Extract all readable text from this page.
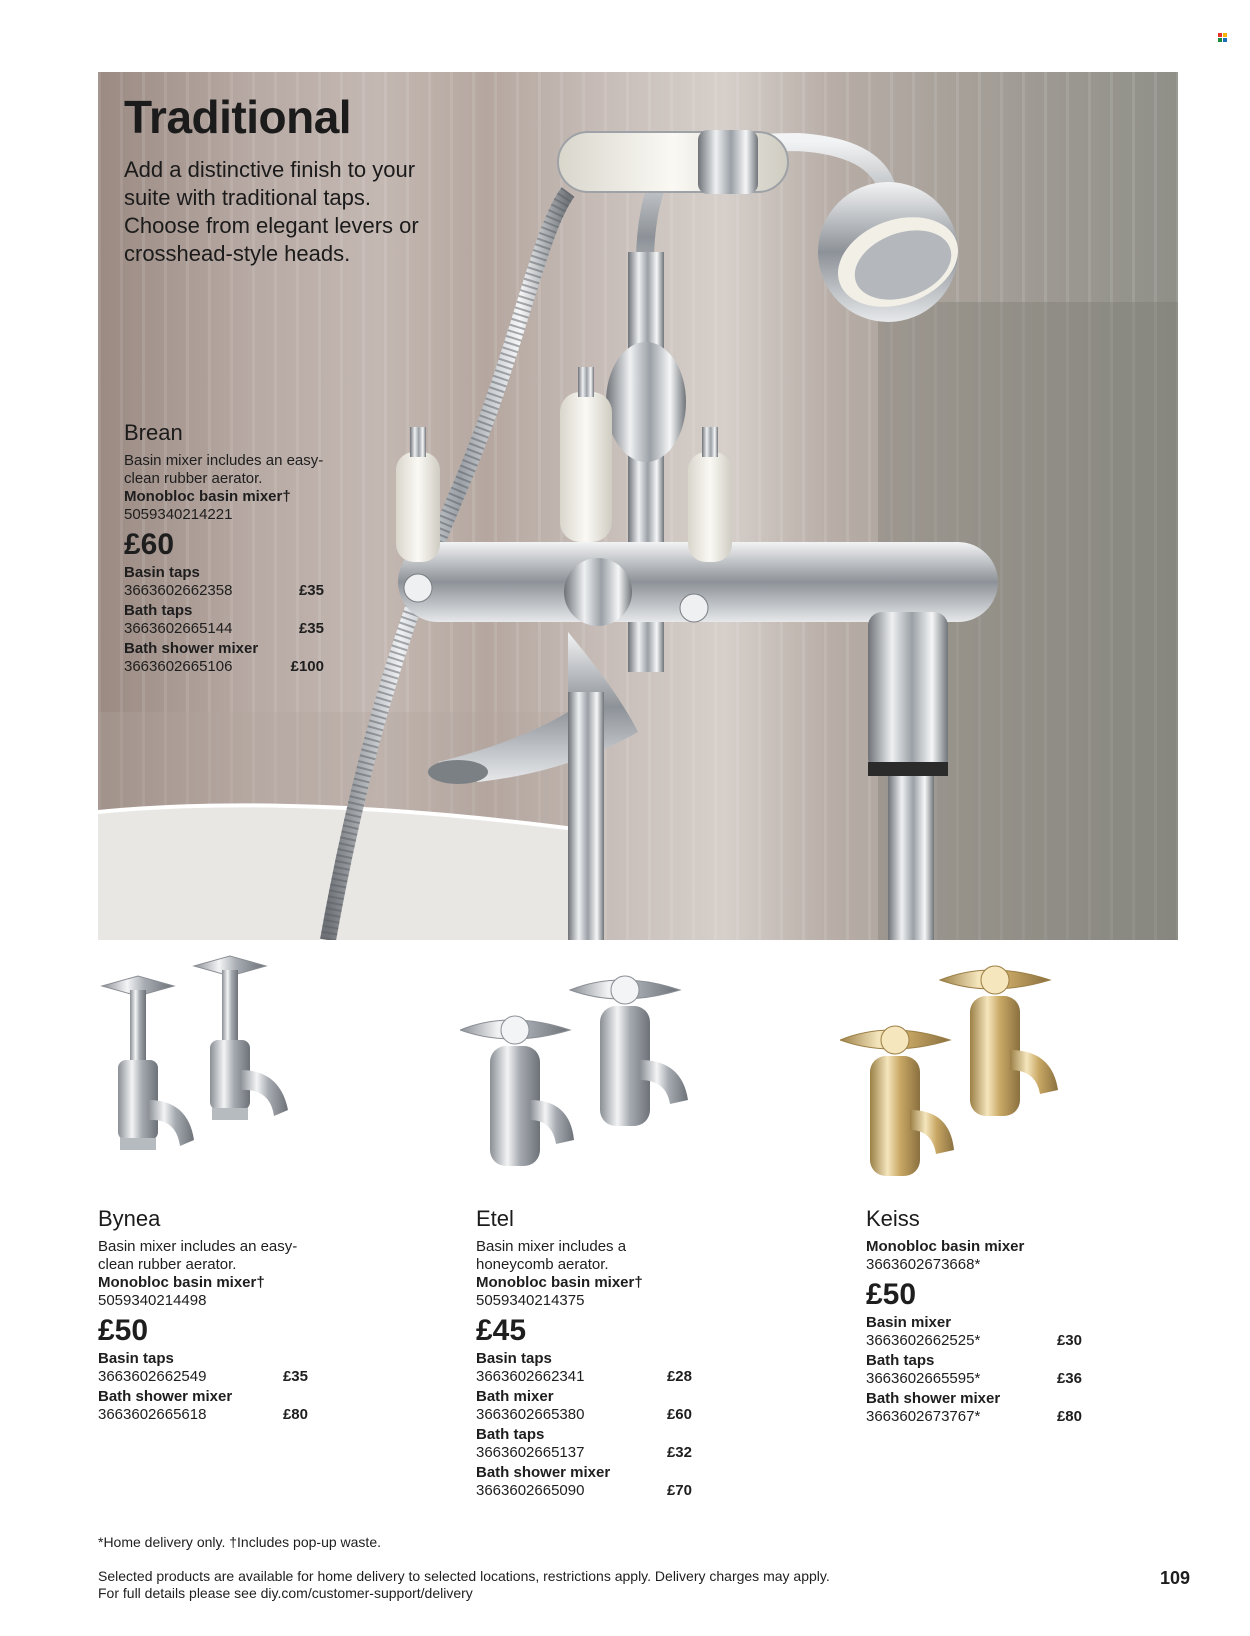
Traditional

Add a distinctive finish to your suite with traditional taps. Choose from elegant levers or crosshead-style heads.

Brean

Basin mixer includes an easy-clean rubber aerator.

Monobloc basin mixer†

5059340214221

£60

Basin taps

3663602662358	£35

Bath taps

3663602665144	£35

Bath shower mixer

3663602665106	£100
Bynea

Basin mixer includes an easy-clean rubber aerator.

Monobloc basin mixer†

5059340214498

£50

Basin taps

3663602662549	£35

Bath shower mixer

3663602665618	£80
Etel

Basin mixer includes a honeycomb aerator.

Monobloc basin mixer†

5059340214375

£45

Basin taps

3663602662341	£28

Bath mixer

3663602665380	£60

Bath taps

3663602665137	£32

Bath shower mixer

3663602665090	£70
Keiss

Monobloc basin mixer

3663602673668*

£50

Basin mixer

3663602662525*	£30

Bath taps

3663602665595*	£36

Bath shower mixer

3663602673767*	£80

*Home delivery only. †Includes pop-up waste.

Selected products are available for home delivery to selected locations, restrictions apply. Delivery charges may apply.

For full details please see diy.com/customer-support/delivery

109
